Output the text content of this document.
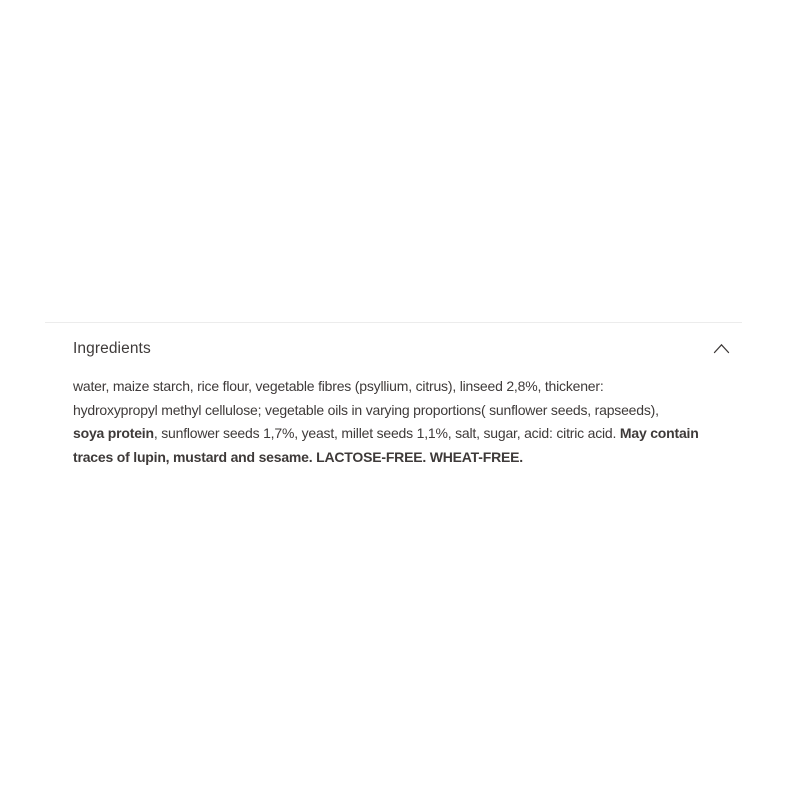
Ingredients
water, maize starch, rice flour, vegetable fibres (psyllium, citrus), linseed 2,8%, thickener:
hydroxypropyl methyl cellulose; vegetable oils in varying proportions( sunflower seeds, rapseeds),
soya protein, sunflower seeds 1,7%, yeast, millet seeds 1,1%, salt, sugar, acid: citric acid. May contain
traces of lupin, mustard and sesame. LACTOSE-FREE. WHEAT-FREE.
